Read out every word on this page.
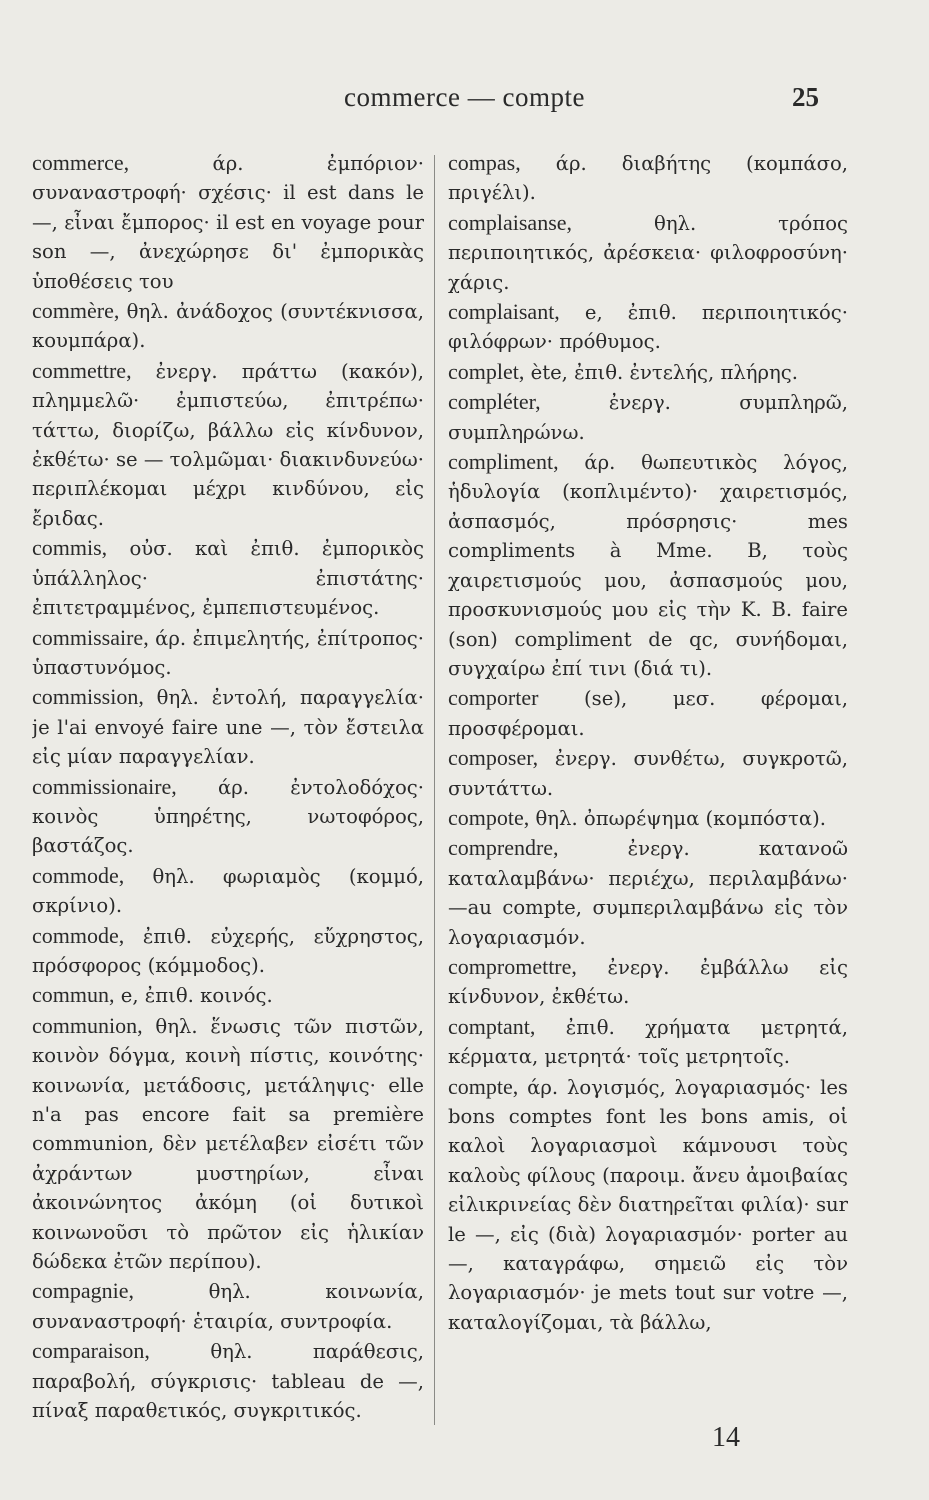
commerce — compte	25

commerce, άρ. ἐμπόριον· συναναστροφή· σχέσις· il est dans le —, εἶναι ἔμπορος· il est en voyage pour son —, ἀνεχώρησε δι' ἐμπορικὰς ὑποθέσεις του

commère, θηλ. ἀνάδοχος (συντέκνισσα, κουμπάρα).

commettre, ἐνεργ. πράττω (κακόν), πλημμελῶ· ἐμπιστεύω, ἐπιτρέπω· τάττω, διορίζω, βάλλω εἰς κίνδυνον, ἐκθέτω· se — τολμῶμαι· διακινδυνεύω· περιπλέκομαι μέχρι κινδύνου, εἰς ἔριδας.

commis, οὐσ. καὶ ἐπιθ. ἐμπορικὸς ὑπάλληλος· ἐπιστάτης· ἐπιτετραμμένος, ἐμπεπιστευμένος.

commissaire, άρ. ἐπιμελητής, ἐπίτροπος· ὑπαστυνόμος.

commission, θηλ. ἐντολή, παραγγελία· je l'ai envoyé faire une —, τὸν ἔστειλα εἰς μίαν παραγγελίαν.

commissionaire, άρ. ἐντολοδόχος· κοινὸς ὑπηρέτης, νωτοφόρος, βαστάζος.

commode, θηλ. φωριαμὸς (κομμό, σκρίνιο).

commode, ἐπιθ. εὐχερής, εὔχρηστος, πρόσφορος (κόμμοδος).

commun, e, ἐπιθ. κοινός.

communion, θηλ. ἕνωσις τῶν πιστῶν, κοινὸν δόγμα, κοινὴ πίστις, κοινότης· κοινωνία, μετάδοσις, μετάληψις· elle n'a pas encore fait sa première communion, δὲν μετέλαβεν εἰσέτι τῶν ἀχράντων μυστηρίων, εἶναι ἀκοινώνητος ἀκόμη (οἱ δυτικοὶ κοινωνοῦσι τὸ πρῶτον εἰς ἡλικίαν δώδεκα ἐτῶν περίπου).

compagnie, θηλ. κοινωνία, συναναστροφή· ἑταιρία, συντροφία.

comparaison, θηλ. παράθεσις, παραβολή, σύγκρισις· tableau de —, πίναξ παραθετικός, συγκριτικός.

compas, άρ. διαβήτης (κομπάσο, πριγέλι).

complaisanse, θηλ. τρόπος περιποιητικός, ἀρέσκεια· φιλοφροσύνη· χάρις.

complaisant, e, ἐπιθ. περιποιητικός· φιλόφρων· πρόθυμος.

complet, ète, ἐπιθ. ἐντελής, πλήρης.

compléter, ἐνεργ. συμπληρῶ, συμπληρώνω.

compliment, άρ. θωπευτικὸς λόγος, ἡδυλογία (κοπλιμέντο)· χαιρετισμός, ἀσπασμός, πρόσρησις· mes compliments à Mme. B, τοὺς χαιρετισμούς μου, ἀσπασμούς μου, προσκυνισμούς μου εἰς τὴν Κ. Β. faire (son) compliment de qc, συνήδομαι, συγχαίρω ἐπί τινι (διά τι).

comporter (se), μεσ. φέρομαι, προσφέρομαι.

composer, ἐνεργ. συνθέτω, συγκροτῶ, συντάττω.

compote, θηλ. ὀπωρέψημα (κομπόστα).

comprendre, ἐνεργ. κατανοῶ καταλαμβάνω· περιέχω, περιλαμβάνω· —au compte, συμπεριλαμβάνω εἰς τὸν λογαριασμόν.

compromettre, ἐνεργ. ἐμβάλλω εἰς κίνδυνον, ἐκθέτω.

comptant, ἐπιθ. χρήματα μετρητά, κέρματα, μετρητά· τοῖς μετρητοῖς.

compte, άρ. λογισμός, λογαριασμός· les bons comptes font les bons amis, οἱ καλοὶ λογαριασμοὶ κάμνουσι τοὺς καλοὺς φίλους (παροιμ. ἄνευ ἀμοιβαίας εἰλικρινείας δὲν διατηρεῖται φιλία)· sur le —, εἰς (διὰ) λογαριασμόν· porter au —, καταγράφω, σημειῶ εἰς τὸν λογαριασμόν· je mets tout sur votre —, καταλογίζομαι, τὰ βάλλω,

14
